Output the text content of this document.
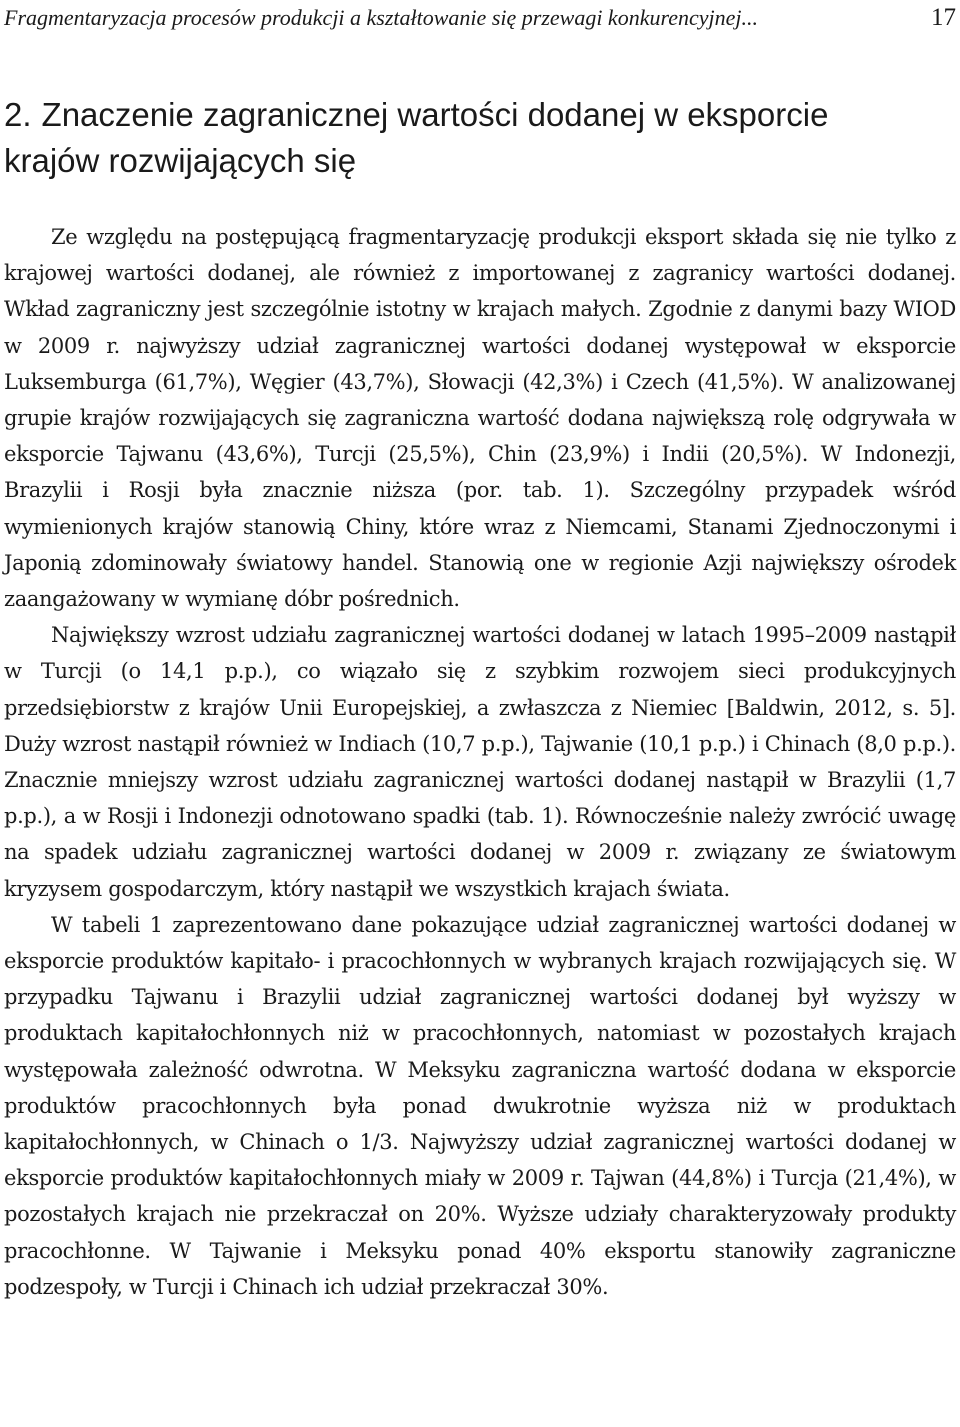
Fragmentaryzacja procesów produkcji a kształtowanie się przewagi konkurencyjnej...	17
2. Znaczenie zagranicznej wartości dodanej w eksporcie krajów rozwijających się

Ze względu na postępującą fragmentaryzację produkcji eksport składa się nie tylko z krajowej wartości dodanej, ale również z importowanej z zagranicy wartości dodanej. Wkład zagraniczny jest szczególnie istotny w krajach małych. Zgodnie z danymi bazy WIOD w 2009 r. najwyższy udział zagranicznej wartości dodanej występował w eksporcie Luksemburga (61,7%), Węgier (43,7%), Słowacji (42,3%) i Czech (41,5%). W analizowanej grupie krajów rozwijających się zagraniczna wartość dodana największą rolę odgrywała w eksporcie Tajwanu (43,6%), Turcji (25,5%), Chin (23,9%) i Indii (20,5%). W Indonezji, Brazylii i Rosji była znacznie niższa (por. tab. 1). Szczególny przypadek wśród wymienionych krajów stanowią Chiny, które wraz z Niemcami, Stanami Zjednoczonymi i Japonią zdominowały światowy handel. Stanowią one w regionie Azji największy ośrodek zaangażowany w wymianę dóbr pośrednich.

Największy wzrost udziału zagranicznej wartości dodanej w latach 1995–2009 nastąpił w Turcji (o 14,1 p.p.), co wiązało się z szybkim rozwojem sieci produkcyjnych przedsiębiorstw z krajów Unii Europejskiej, a zwłaszcza z Niemiec [Baldwin, 2012, s. 5]. Duży wzrost nastąpił również w Indiach (10,7 p.p.), Tajwanie (10,1 p.p.) i Chinach (8,0 p.p.). Znacznie mniejszy wzrost udziału zagranicznej wartości dodanej nastąpił w Brazylii (1,7 p.p.), a w Rosji i Indonezji odnotowano spadki (tab. 1). Równocześnie należy zwrócić uwagę na spadek udziału zagranicznej wartości dodanej w 2009 r. związany ze światowym kryzysem gospodarczym, który nastąpił we wszystkich krajach świata.

W tabeli 1 zaprezentowano dane pokazujące udział zagranicznej wartości dodanej w eksporcie produktów kapitało- i pracochłonnych w wybranych krajach rozwijających się. W przypadku Tajwanu i Brazylii udział zagranicznej wartości dodanej był wyższy w produktach kapitałochłonnych niż w pracochłonnych, natomiast w pozostałych krajach występowała zależność odwrotna. W Meksyku zagraniczna wartość dodana w eksporcie produktów pracochłonnych była ponad dwukrotnie wyższa niż w produktach kapitałochłonnych, w Chinach o 1/3. Najwyższy udział zagranicznej wartości dodanej w eksporcie produktów kapitałochłonnych miały w 2009 r. Tajwan (44,8%) i Turcja (21,4%), w pozostałych krajach nie przekraczał on 20%. Wyższe udziały charakteryzowały produkty pracochłonne. W Tajwanie i Meksyku ponad 40% eksportu stanowiły zagraniczne podzespoły, w Turcji i Chinach ich udział przekraczał 30%.
